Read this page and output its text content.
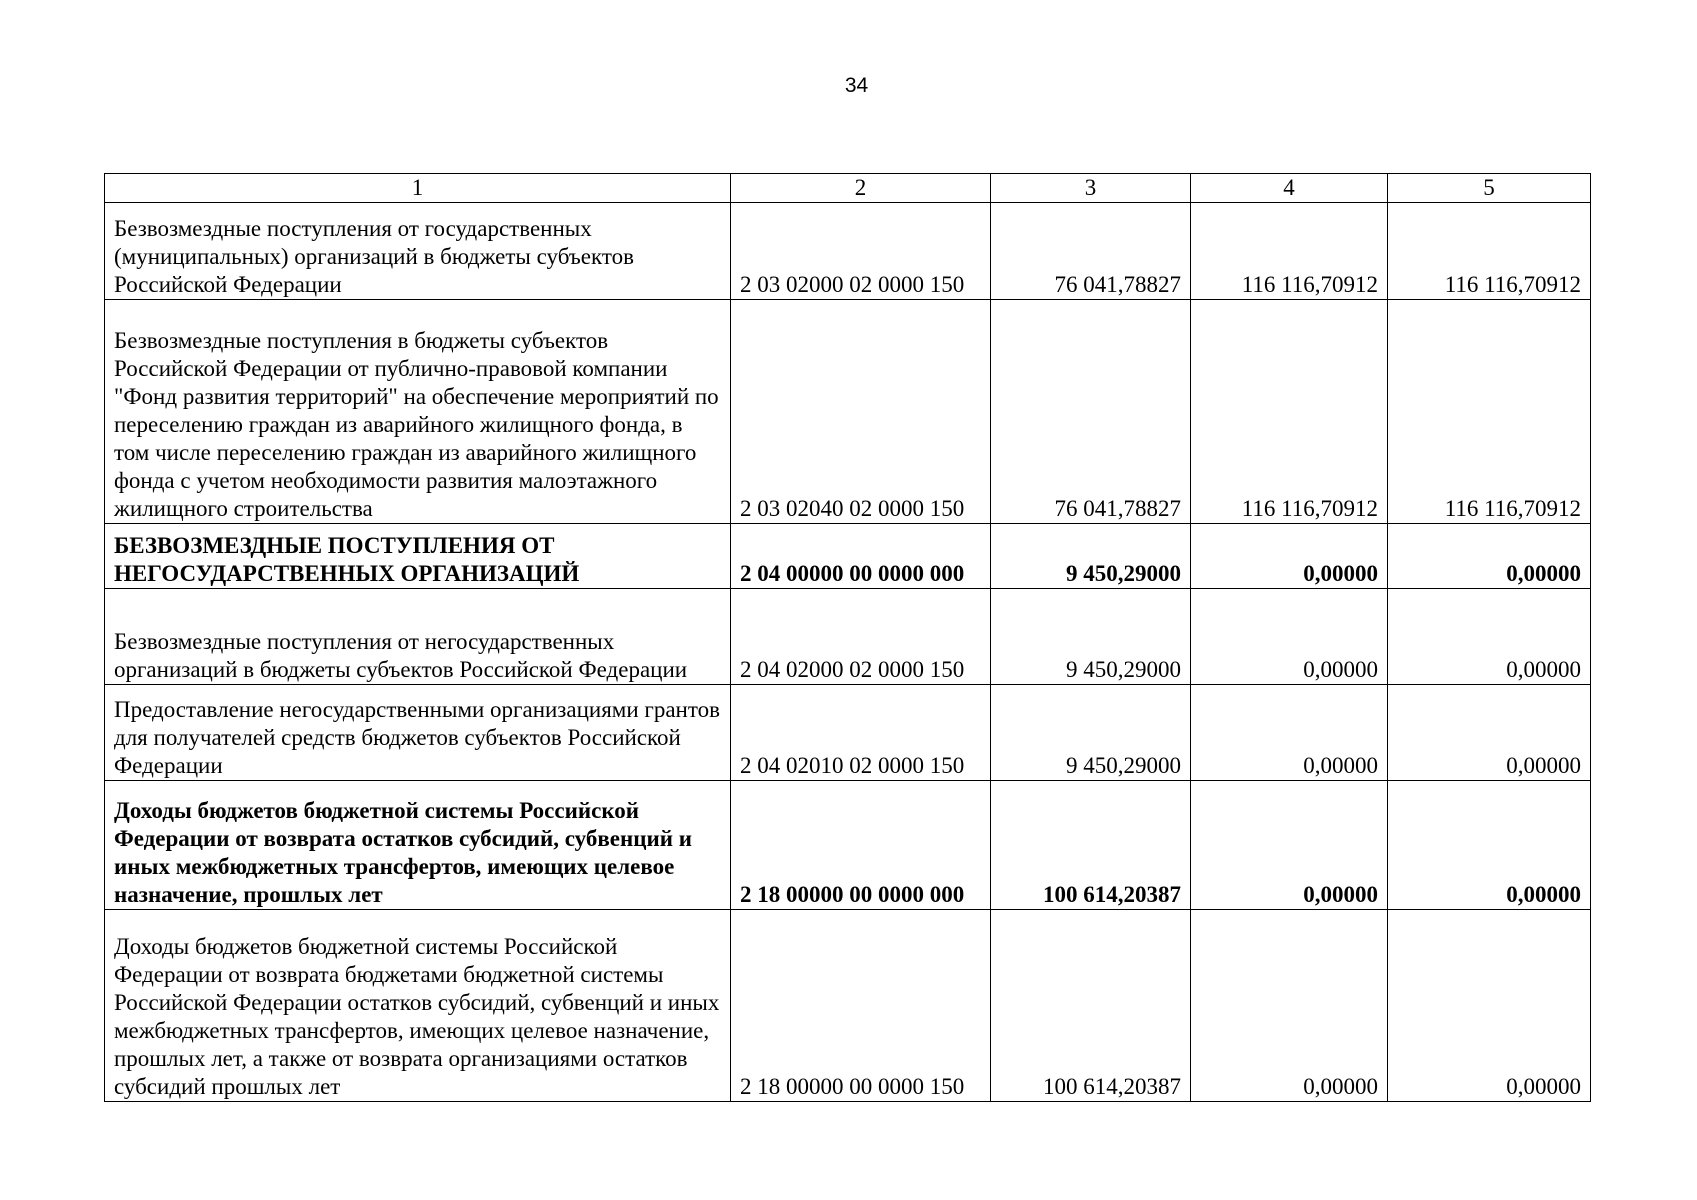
34
1	2	3	4	5
Безвозмездные поступления от государственных (муниципальных) организаций в бюджеты субъектов Российской Федерации	2 03 02000 02 0000 150	76 041,78827	116 116,70912	116 116,70912
Безвозмездные поступления в бюджеты субъектов Российской Федерации от публично-правовой компании "Фонд развития территорий" на обеспечение мероприятий по переселению граждан из аварийного жилищного фонда, в том числе переселению граждан из аварийного жилищного фонда с учетом необходимости развития малоэтажного жилищного строительства	2 03 02040 02 0000 150	76 041,78827	116 116,70912	116 116,70912
БЕЗВОЗМЕЗДНЫЕ ПОСТУПЛЕНИЯ ОТ НЕГОСУДАРСТВЕННЫХ ОРГАНИЗАЦИЙ	2 04 00000 00 0000 000	9 450,29000	0,00000	0,00000
Безвозмездные поступления от негосударственных организаций в бюджеты субъектов Российской Федерации	2 04 02000 02 0000 150	9 450,29000	0,00000	0,00000
Предоставление негосударственными организациями грантов для получателей средств бюджетов субъектов Российской Федерации	2 04 02010 02 0000 150	9 450,29000	0,00000	0,00000
Доходы бюджетов бюджетной системы Российской Федерации от возврата остатков субсидий, субвенций и иных межбюджетных трансфертов, имеющих целевое назначение, прошлых лет	2 18 00000 00 0000 000	100 614,20387	0,00000	0,00000
Доходы бюджетов бюджетной системы Российской Федерации от возврата бюджетами бюджетной системы Российской Федерации остатков субсидий, субвенций и иных межбюджетных трансфертов, имеющих целевое назначение, прошлых лет, а также от возврата организациями остатков субсидий прошлых лет	2 18 00000 00 0000 150	100 614,20387	0,00000	0,00000
